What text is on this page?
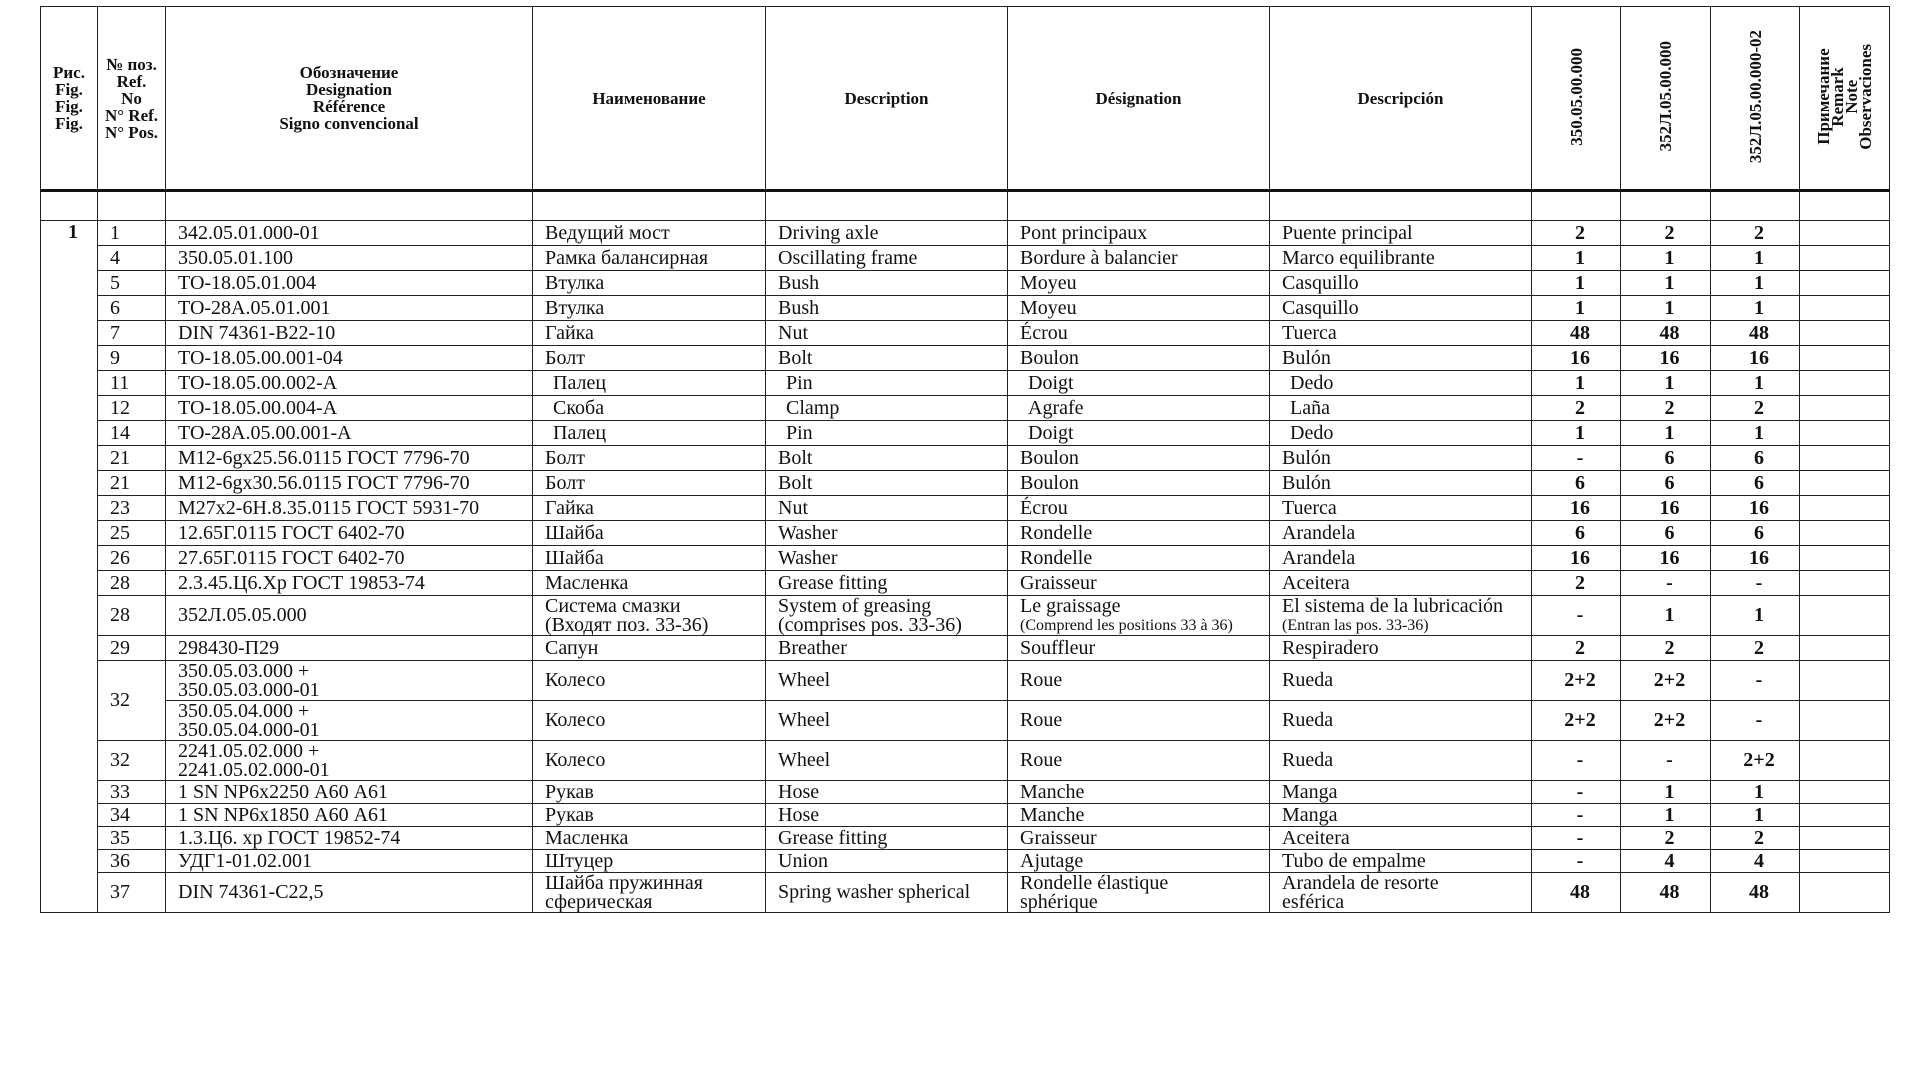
Рис.
Fig.
Fig.
Fig.	№ поз.
Ref.
No
N° Ref.
N° Pos.	Обозначение
Designation
Référence
Signo convencional	Наименование	Description	Désignation	Descripción	350.05.00.000	352Л.05.00.000	352Л.05.00.000-02	Примечание
Remark
Note
Observaciones

1	1	342.05.01.000-01	Ведущий мост	Driving axle	Pont principaux	Puente principal	2	2	2	
	4	350.05.01.100	Рамка балансирная	Oscillating frame	Bordure à balancier	Marco equilibrante	1	1	1	
	5	ТО-18.05.01.004	Втулка	Bush	Moyeu	Casquillo	1	1	1	
	6	ТО-28А.05.01.001	Втулка	Bush	Moyeu	Casquillo	1	1	1	
	7	DIN 74361-B22-10	Гайка	Nut	Écrou	Tuerca	48	48	48	
	9	ТО-18.05.00.001-04	Болт	Bolt	Boulon	Bulón	16	16	16	
	11	ТО-18.05.00.002-А	Палец	Pin	Doigt	Dedo	1	1	1	
	12	ТО-18.05.00.004-А	Скоба	Clamp	Agrafe	Laña	2	2	2	
	14	ТО-28А.05.00.001-А	Палец	Pin	Doigt	Dedo	1	1	1	
	21	М12-6gх25.56.0115 ГОСТ 7796-70	Болт	Bolt	Boulon	Bulón	-	6	6	
	21	М12-6gх30.56.0115 ГОСТ 7796-70	Болт	Bolt	Boulon	Bulón	6	6	6	
	23	М27х2-6Н.8.35.0115 ГОСТ 5931-70	Гайка	Nut	Écrou	Tuerca	16	16	16	
	25	12.65Г.0115 ГОСТ 6402-70	Шайба	Washer	Rondelle	Arandela	6	6	6	
	26	27.65Г.0115 ГОСТ 6402-70	Шайба	Washer	Rondelle	Arandela	16	16	16	
	28	2.3.45.Ц6.Хр ГОСТ 19853-74	Масленка	Grease fitting	Graisseur	Aceitera	2	-	-	
	28	352Л.05.05.000	Система смазки
(Входят поз. 33-36)	System of greasing
(comprises pos. 33-36)	Le graissage
(Comprend les positions 33 à 36)	El sistema de la lubricación
(Entran las pos. 33-36)	-	1	1	
	29	298430-П29	Сапун	Breather	Souffleur	Respiradero	2	2	2	
	32	350.05.03.000 +
350.05.03.000-01	Колесо	Wheel	Roue	Rueda	2+2	2+2	-	

		350.05.04.000 +
350.05.04.000-01	Колесо	Wheel	Roue	Rueda	2+2	2+2	-	
	32	2241.05.02.000 +
2241.05.02.000-01	Колесо	Wheel	Roue	Rueda	-	-	2+2	
	33	1 SN NP6х2250 А60 А61	Рукав	Hose	Manche	Manga	-	1	1	
	34	1 SN NP6х1850 А60 А61	Рукав	Hose	Manche	Manga	-	1	1	
	35	1.3.Ц6. хр ГОСТ 19852-74	Масленка	Grease fitting	Graisseur	Aceitera	-	2	2	
	36	УДГ1-01.02.001	Штуцер	Union	Ajutage	Tubo de empalme	-	4	4	
	37	DIN 74361-C22,5	Шайба пружинная
сферическая	Spring washer spherical	Rondelle élastique
sphérique	Arandela de resorte
esférica	48	48	48	
